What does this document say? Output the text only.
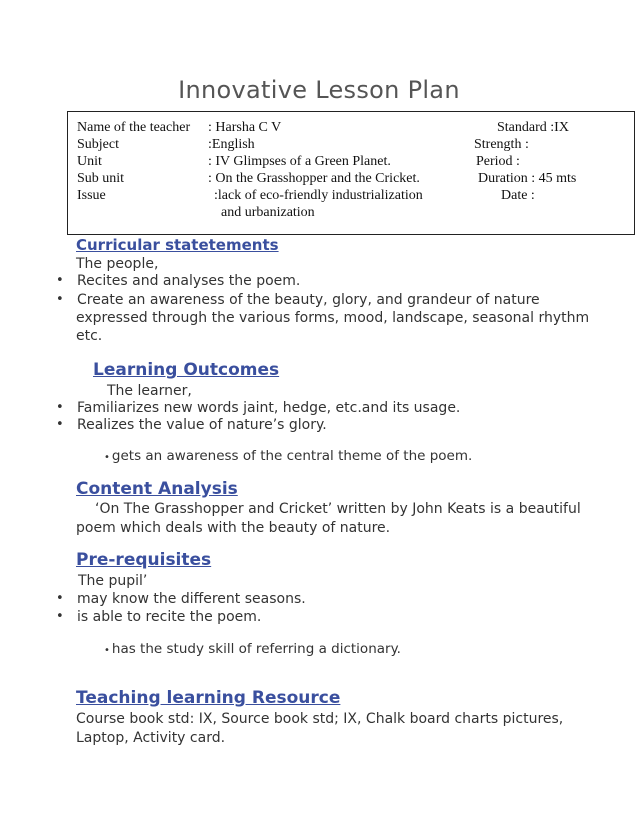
Innovative Lesson Plan
Name of the teacher : Harsha C V	Standard :IX
Subject	:English	Strength :
Unit	: IV Glimpses of a Green Planet.	Period :
Sub unit	: On the Grasshopper and the Cricket.	Duration : 45 mts
Issue	:lack of eco-friendly industrialization	Date :
and urbanization
Curricular statetements
The people,
• Recites and analyses the poem.
• Create an awareness of the beauty, glory, and grandeur of nature
expressed through the various forms, mood, landscape, seasonal rhythm
etc.
Learning Outcomes
The learner,
• Familiarizes new words jaint, hedge, etc.and its usage.
• Realizes the value of nature’s glory.
• gets an awareness of the central theme of the poem.
Content Analysis
‘On The Grasshopper and Cricket’ written by John Keats is a beautiful
poem which deals with the beauty of nature.
Pre-requisites
The pupil’
• may know the different seasons.
• is able to recite the poem.
• has the study skill of referring a dictionary.
Teaching learning Resource
Course book std: IX, Source book std; IX, Chalk board charts pictures,
Laptop, Activity card.
